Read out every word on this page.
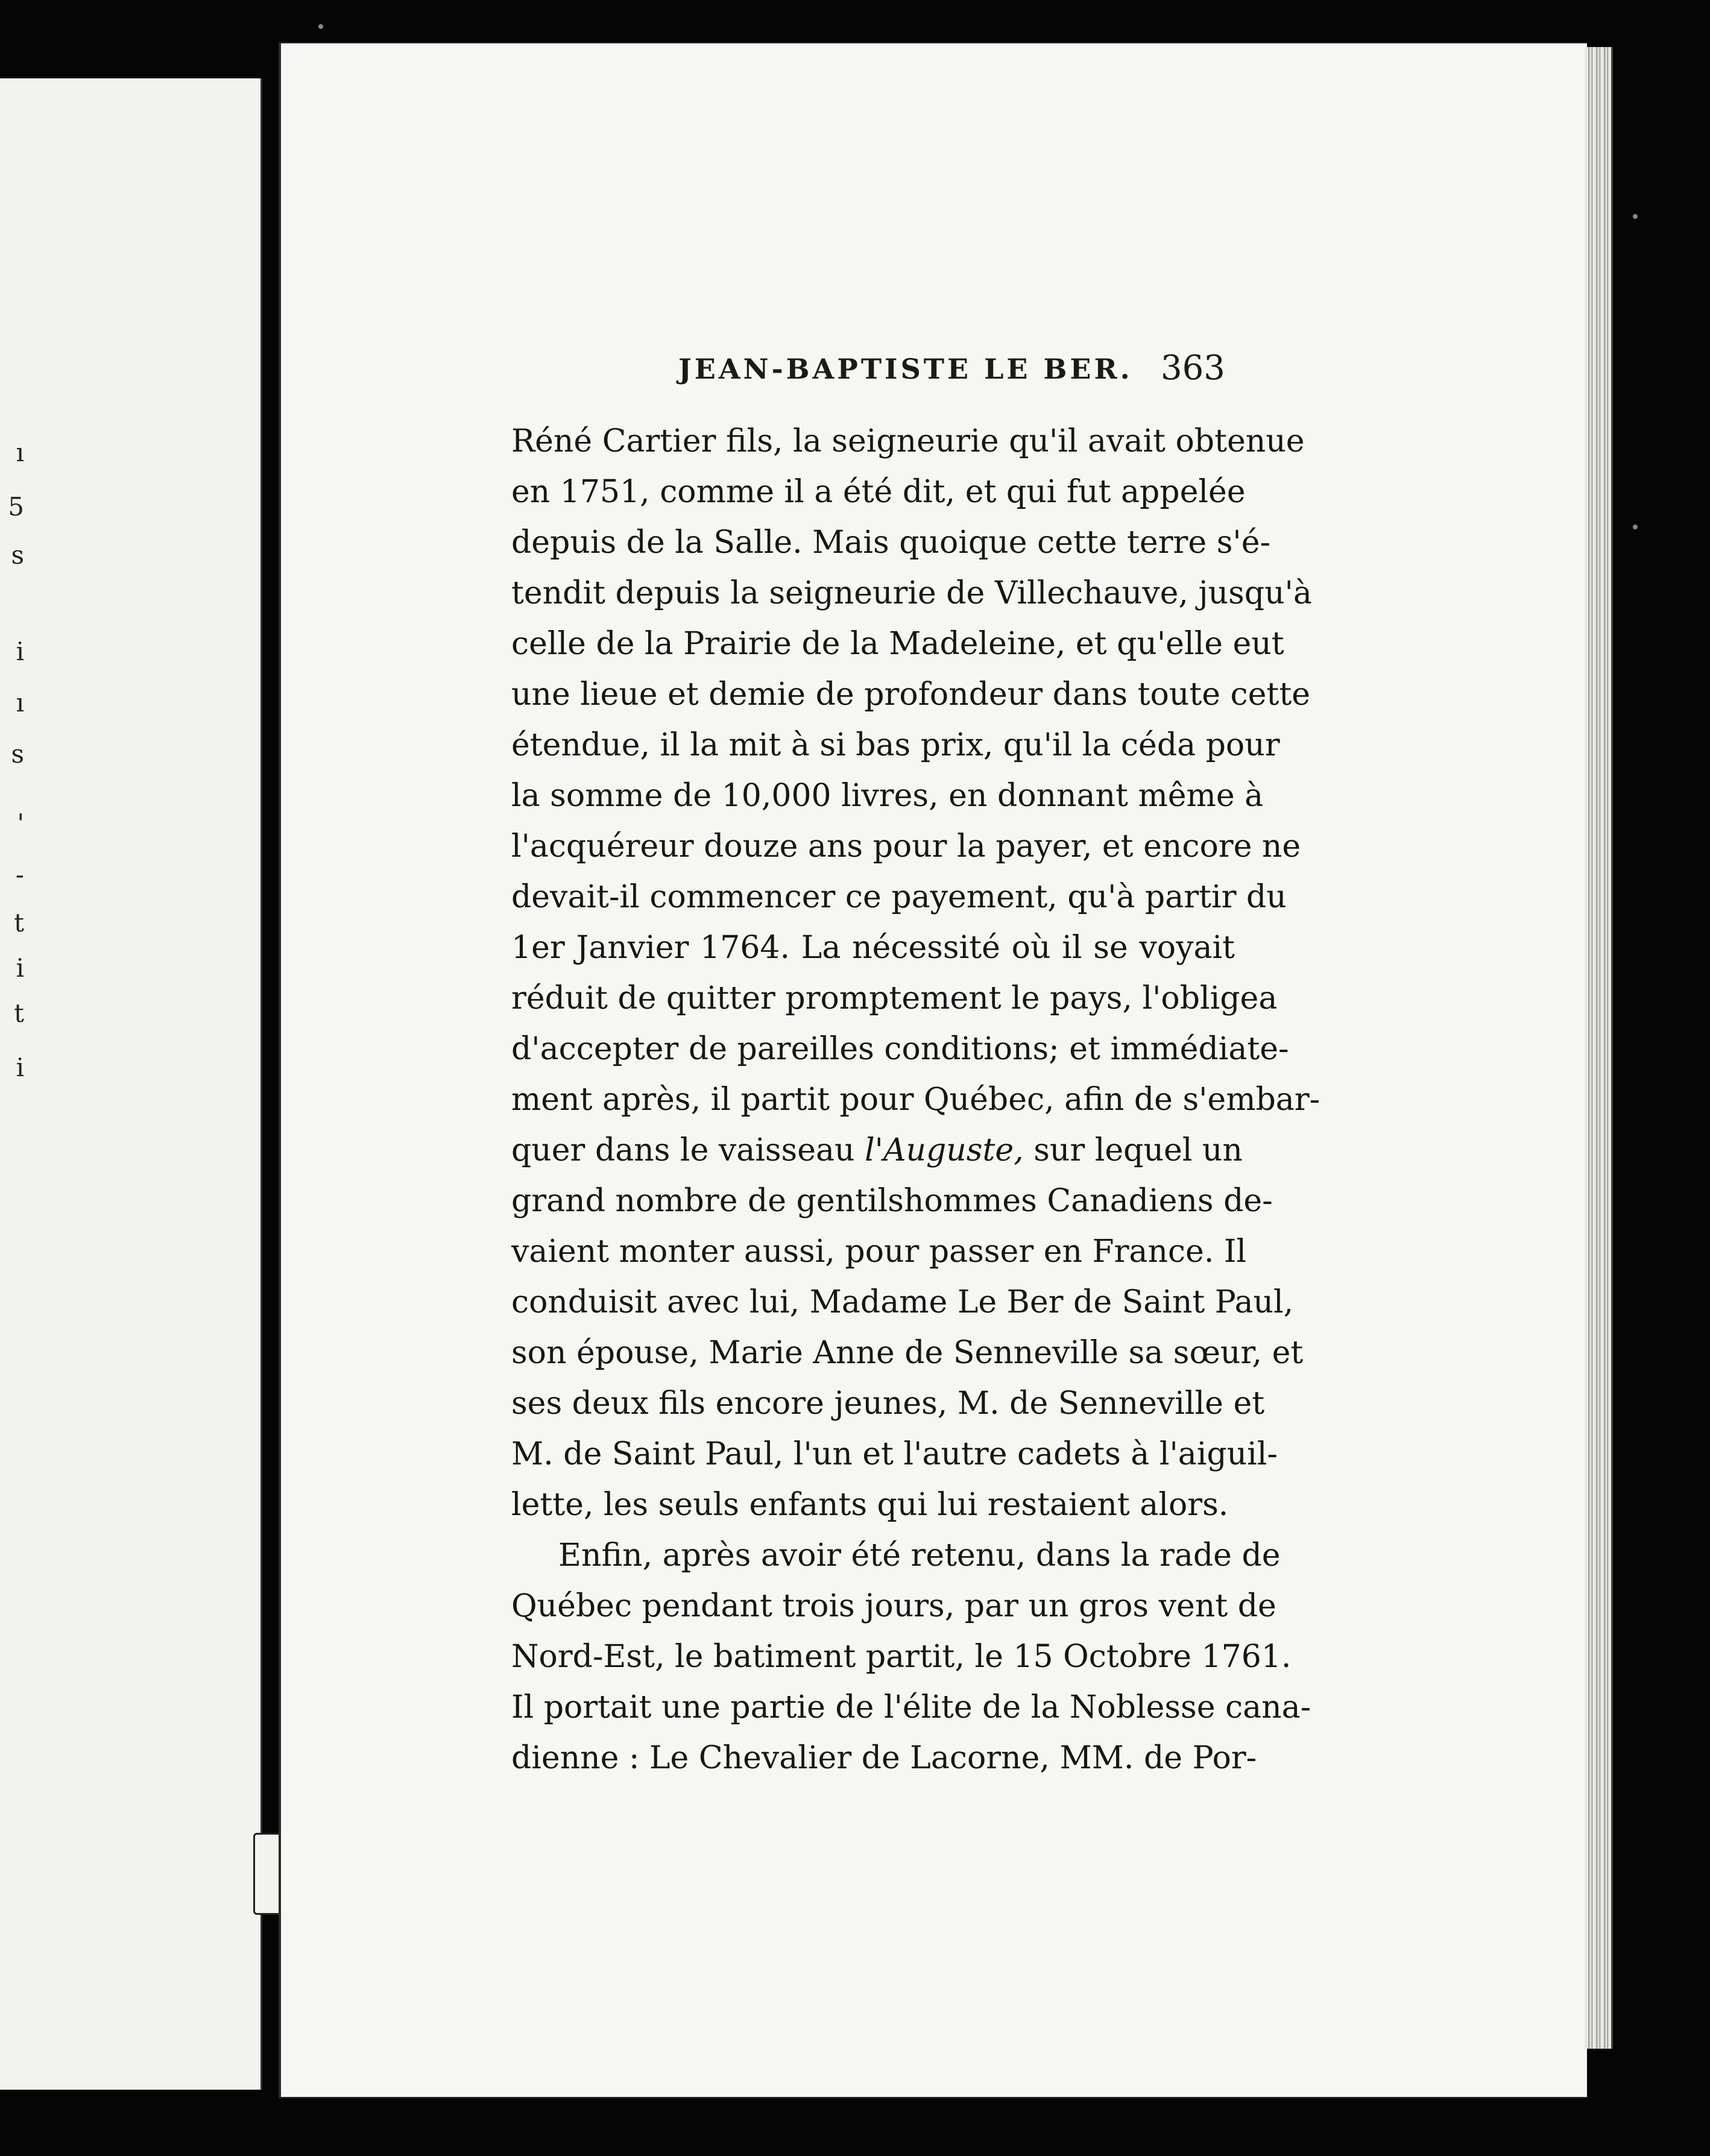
ı
5
s
i
ı
s
'
-
t
i
t
i
JEAN-BAPTISTE LE BER. 363
Réné Cartier fils, la seigneurie qu'il avait obtenue
en 1751, comme il a été dit, et qui fut appelée
depuis de la Salle. Mais quoique cette terre s'é-
tendit depuis la seigneurie de Villechauve, jusqu'à
celle de la Prairie de la Madeleine, et qu'elle eut
une lieue et demie de profondeur dans toute cette
étendue, il la mit à si bas prix, qu'il la céda pour
la somme de 10,000 livres, en donnant même à
l'acquéreur douze ans pour la payer, et encore ne
devait-il commencer ce payement, qu'à partir du
1er Janvier 1764. La nécessité où il se voyait
réduit de quitter promptement le pays, l'obligea
d'accepter de pareilles conditions; et immédiate-
ment après, il partit pour Québec, afin de s'embar-
quer dans le vaisseau l'Auguste, sur lequel un
grand nombre de gentilshommes Canadiens de-
vaient monter aussi, pour passer en France. Il
conduisit avec lui, Madame Le Ber de Saint Paul,
son épouse, Marie Anne de Senneville sa sœur, et
ses deux fils encore jeunes, M. de Senneville et
M. de Saint Paul, l'un et l'autre cadets à l'aiguil-
lette, les seuls enfants qui lui restaient alors.
Enfin, après avoir été retenu, dans la rade de
Québec pendant trois jours, par un gros vent de
Nord-Est, le batiment partit, le 15 Octobre 1761.
Il portait une partie de l'élite de la Noblesse cana-
dienne : Le Chevalier de Lacorne, MM. de Por-
